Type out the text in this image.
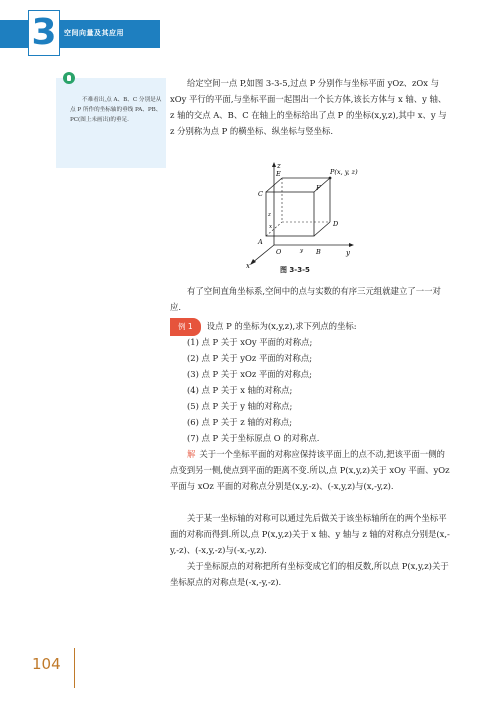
空间向量及其应用
3
不难看出,点 A、B、C 分别是从点 P 所作的坐标轴的垂线 PA、PB、PC(图上未画出)的垂足.
给定空间一点 P,如图 3-3-5,过点 P 分别作与坐标平面 yOz、zOx 与 xOy 平行的平面,与坐标平面一起围出一个长方体,该长方体与 x 轴、y 轴、z 轴的交点 A、B、C 在轴上的坐标给出了点 P 的坐标(x,y,z),其中 x、y 与 z 分别称为点 P 的横坐标、纵坐标与竖坐标.
z
x
y
O
A
B
C
D
E
F
P(x, y, z)
z
y
x
图 3-3-5
有了空间直角坐标系,空间中的点与实数的有序三元组就建立了一一对应.
例 1 设点 P 的坐标为(x,y,z),求下列点的坐标:
(1) 点 P 关于 xOy 平面的对称点;
(2) 点 P 关于 yOz 平面的对称点;
(3) 点 P 关于 xOz 平面的对称点;
(4) 点 P 关于 x 轴的对称点;
(5) 点 P 关于 y 轴的对称点;
(6) 点 P 关于 z 轴的对称点;
(7) 点 P 关于坐标原点 O 的对称点.
解 关于一个坐标平面的对称应保持该平面上的点不动,把该平面一侧的点变到另一侧,使点到平面的距离不变.所以,点 P(x,y,z)关于 xOy 平面、yOz 平面与 xOz 平面的对称点分别是(x,y,-z)、(-x,y,z)与(x,-y,z).
关于某一坐标轴的对称可以通过先后做关于该坐标轴所在的两个坐标平面的对称而得到.所以,点 P(x,y,z)关于 x 轴、y 轴与 z 轴的对称点分别是(x,-y,-z)、(-x,y,-z)与(-x,-y,z).
关于坐标原点的对称把所有坐标变成它们的相反数,所以点 P(x,y,z)关于坐标原点的对称点是(-x,-y,-z).
104
